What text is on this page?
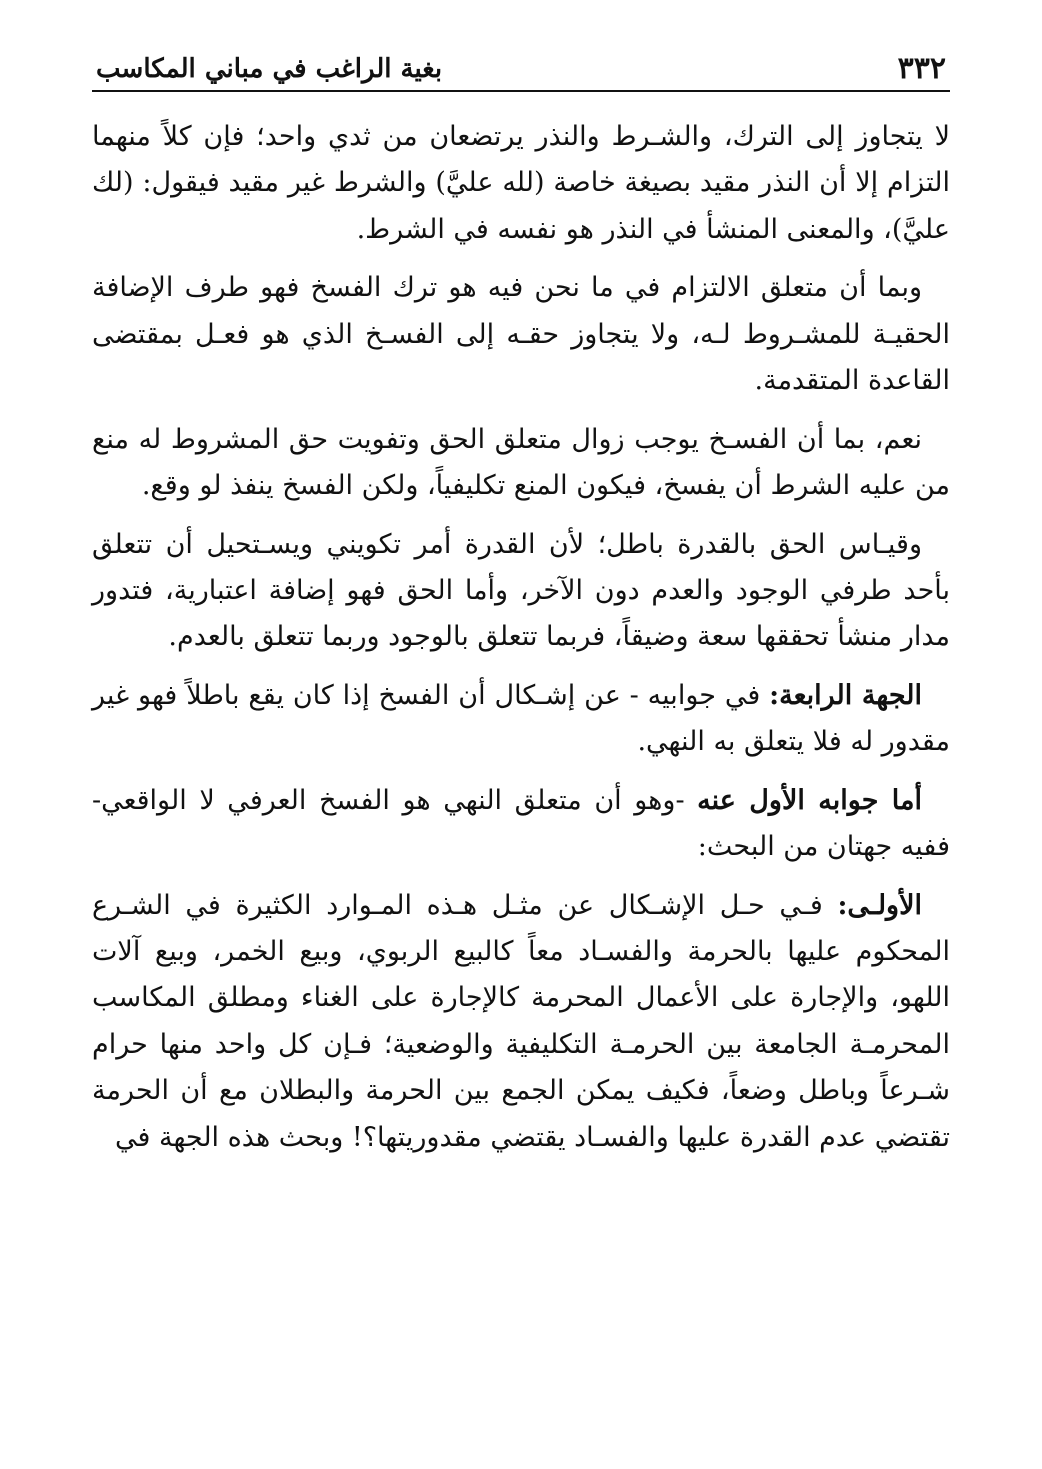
٣٣٢
بغية الراغب في مباني المكاسب

لا يتجاوز إلى الترك، والشـرط والنذر يرتضعان من ثدي واحد؛ فإن كلاً منهما التزام إلا أن النذر مقيد بصيغة خاصة (لله عليَّ) والشرط غير مقيد فيقول: (لك عليَّ)، والمعنى المنشأ في النذر هو نفسه في الشرط.

وبما أن متعلق الالتزام في ما نحن فيه هو ترك الفسخ فهو طرف الإضافة الحقيـة للمشـروط لـه، ولا يتجاوز حقـه إلى الفسـخ الذي هو فعـل بمقتضى القاعدة المتقدمة.

نعم، بما أن الفسـخ يوجب زوال متعلق الحق وتفويت حق المشروط له منع من عليه الشرط أن يفسخ، فيكون المنع تكليفياً، ولكن الفسخ ينفذ لو وقع.

وقيـاس الحق بالقدرة باطل؛ لأن القدرة أمر تكويني ويسـتحيل أن تتعلق بأحد طرفي الوجود والعدم دون الآخر، وأما الحق فهو إضافة اعتبارية، فتدور مدار منشأ تحققها سعة وضيقاً، فربما تتعلق بالوجود وربما تتعلق بالعدم.

الجهة الرابعة: في جوابيه - عن إشـكال أن الفسخ إذا كان يقع باطلاً فهو غير مقدور له فلا يتعلق به النهي.

أما جوابه الأول عنه -وهو أن متعلق النهي هو الفسخ العرفي لا الواقعي- ففيه جهتان من البحث:

الأولـى: فـي حـل الإشـكال عن مثـل هـذه المـوارد الكثيرة في الشـرع المحكوم عليها بالحرمة والفسـاد معاً كالبيع الربوي، وبيع الخمر، وبيع آلات اللهو، والإجارة على الأعمال المحرمة كالإجارة على الغناء ومطلق المكاسب المحرمـة الجامعة بين الحرمـة التكليفية والوضعية؛ فـإن كل واحد منها حرام شـرعاً وباطل وضعاً، فكيف يمكن الجمع بين الحرمة والبطلان مع أن الحرمة تقتضي عدم القدرة عليها والفسـاد يقتضي مقدوريتها؟! وبحث هذه الجهة في
